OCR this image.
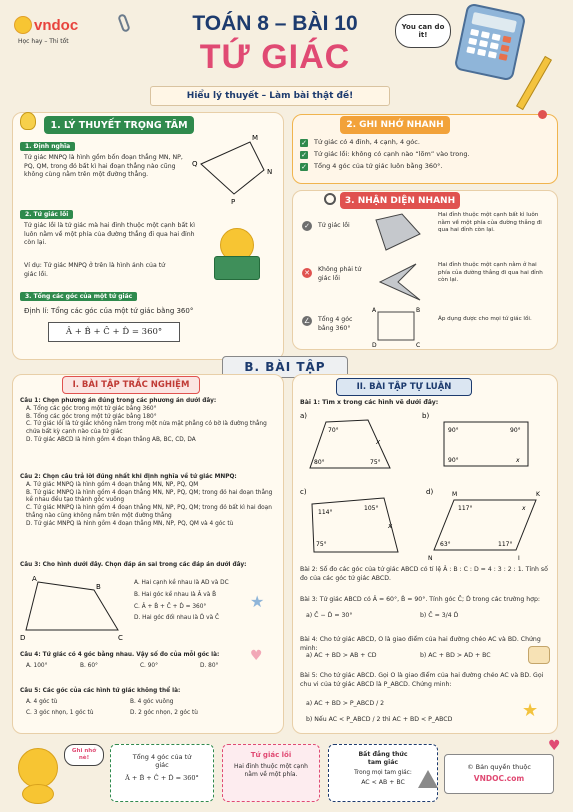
vndoc
Học hay – Thi tốt
TOÁN 8 – BÀI 10
TỨ GIÁC
Hiểu lý thuyết – Làm bài thật đề!
You can do it!
1. LÝ THUYẾT TRỌNG TÂM
1. Định nghĩa
Tứ giác MNPQ là hình gồm bốn đoạn thẳng MN, NP, PQ, QM, trong đó bất kì hai đoạn thẳng nào cũng không cùng nằm trên một đường thẳng.
Q
M
N
P
2. Tứ giác lồi
Tứ giác lồi là tứ giác mà hai đỉnh thuộc một cạnh bất kì luôn nằm về một phía của đường thẳng đi qua hai đỉnh còn lại.
Ví dụ: Tứ giác MNPQ ở trên là hình ảnh của tứ giác lồi.
3. Tổng các góc của một tứ giác
Định lí: Tổng các góc của một tứ giác bằng 360°
Â + B̂ + Ĉ + D̂ = 360°
2. GHI NHỚ NHANH
✓ Tứ giác có 4 đỉnh, 4 cạnh, 4 góc.
✓ Tứ giác lồi: không có cạnh nào “lõm” vào trong.
✓ Tổng 4 góc của tứ giác luôn bằng 360°.
3. NHẬN DIỆN NHANH
✓	Tứ giác lồi
Hai đỉnh thuộc một cạnh bất kì luôn nằm về một phía của đường thẳng đi qua hai đỉnh còn lại.
✕	Không phải tứ giác lồi
Hai đỉnh thuộc một cạnh nằm ở hai phía của đường thẳng đi qua hai đỉnh còn lại.
∠ Tổng 4 góc bằng 360°
A	B
C
D
Áp dụng được cho mọi tứ giác lồi.
B. BÀI TẬP
I. BÀI TẬP TRẮC NGHIỆM
Câu 1: Chọn phương án đúng trong các phương án dưới đây:
A. Tổng các góc trong một tứ giác bằng 360°
B. Tổng các góc trong một tứ giác bằng 180°
C. Tứ giác lồi là tứ giác không nằm trong một nửa mặt phẳng có bờ là đường thẳng chứa bất kỳ cạnh nào của tứ giác
D. Tứ giác ABCD là hình gồm 4 đoạn thẳng AB, BC, CD, DA
Câu 2: Chọn câu trả lời đúng nhất khi định nghĩa về tứ giác MNPQ:
A. Tứ giác MNPQ là hình gồm 4 đoạn thẳng MN, NP, PQ, QM
B. Tứ giác MNPQ là hình gồm 4 đoạn thẳng MN, NP, PQ, QM; trong đó hai đoạn thẳng kề nhau đều tạo thành góc vuông
C. Tứ giác MNPQ là hình gồm 4 đoạn thẳng MN, NP, PQ, QM; trong đó bất kì hai đoạn thẳng nào cũng không nằm trên một đường thẳng
D. Tứ giác MNPQ là hình gồm 4 đoạn thẳng MN, NP, PQ, QM và 4 góc tù
Câu 3: Cho hình dưới đây. Chọn đáp án sai trong các đáp án dưới đây:
A
B
C
D
A. Hai cạnh kề nhau là AD và DC
B. Hai góc kề nhau là Â và B̂
C. Â + B̂ + Ĉ + D̂ = 360°
D. Hai góc đối nhau là D̂ và Ĉ
★
Câu 4: Tứ giác có 4 góc bằng nhau. Vậy số đo của mỗi góc là:
A. 100°	B. 60°	C. 90°	D. 80°
♥
Câu 5: Các góc của các hình tứ giác không thể là:
A. 4 góc tù	B. 4 góc vuông
C. 3 góc nhọn, 1 góc tù	D. 2 góc nhọn, 2 góc tù
II. BÀI TẬP TỰ LUẬN
Bài 1: Tìm x trong các hình vẽ dưới đây:
a)
x
70°
80°	75°
b)
90°	90°
90°	x
c)
x
105°
114°
75°
d)	M	K
N	I
117°	x
63°	117°
Bài 2: Số đo các góc của tứ giác ABCD có tỉ lệ Â : B : C : D = 4 : 3 : 2 : 1. Tính số đo của các góc tứ giác ABCD.
Bài 3: Tứ giác ABCD có Â = 60°, B̂ = 90°. Tính góc Ĉ; D̂ trong các trường hợp:
a) Ĉ − D̂ = 30°	b) Ĉ = 3/4 D̂
Bài 4: Cho tứ giác ABCD, O là giao điểm của hai đường chéo AC và BD. Chứng minh:
a) AC + BD > AB + CD	b) AC + BD > AD + BC
Bài 5: Cho tứ giác ABCD. Gọi O là giao điểm của hai đường chéo AC và BD. Gọi chu vi của tứ giác ABCD là P_ABCD. Chứng minh:
a) AC + BD > P_ABCD / 2
b) Nếu AC < P_ABCD / 2 thì AC + BD < P_ABCD	★
Ghi nhớ nè!	Tổng 4 góc của tứ giác
Â + B̂ + Ĉ + D̂ = 360°
Tứ giác lồi
Hai đỉnh thuộc một cạnh nằm về một phía.
Bất đẳng thức tam giác
Trong mọi tam giác:
AC < AB + BC
© Bản quyền thuộc
VNDOC.com
♥
